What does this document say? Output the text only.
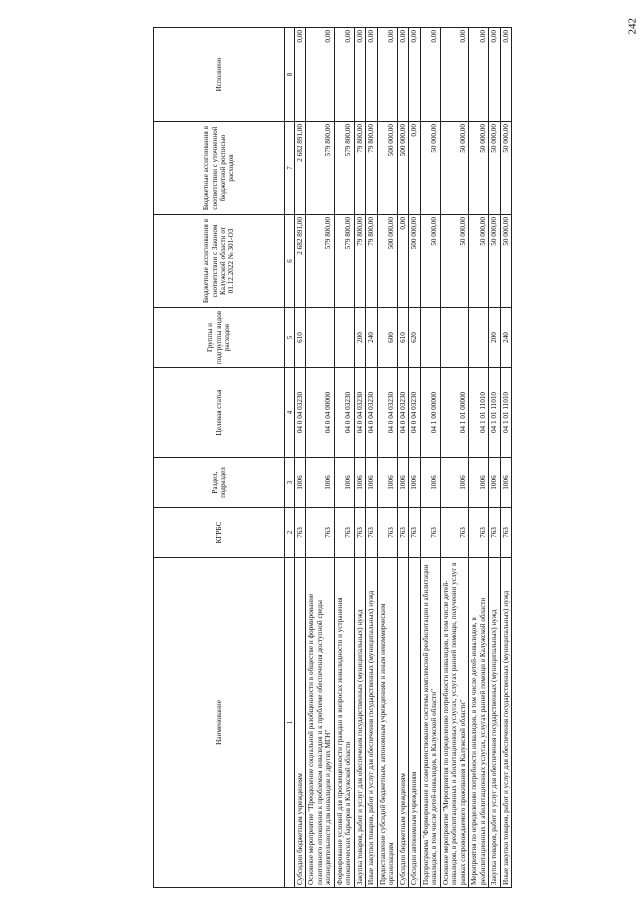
242
Наименование	КГРБС	Раздел, подраздел	Целевая статья	Группы и подгруппы видов расходов	Бюджетные ассигнования в соответствии с Законом Калужской области от 01.12.2022 № 301-ОЗ	Бюджетные ассигнования в соответствии с уточненной бюджетной росписью расходов	Исполнено
1	2	3	4	5	6	7	8
Субсидии бюджетным учреждениям	763	1006	04 0 04 03230	610	2 682 891,00	2 682 891,00	0,00
Основное мероприятие "Преодоление социальной разобщенности в обществе и формирование позитивного отношения к проблемам инвалидов и к проблеме обеспечения доступной среды жизнедеятельности для инвалидов и других МГН"	763	1006	04 0 04 00000		579 800,00	579 800,00	0,00
Формирование условий для просвещенности граждан в вопросах инвалидности и устранения отношенческих барьеров в Калужской области	763	1006	04 0 04 03230		579 800,00	579 800,00	0,00
Закупка товаров, работ и услуг для обеспечения государственных (муниципальных) нужд	763	1006	04 0 04 03230	200	79 800,00	79 800,00	0,00
Иные закупки товаров, работ и услуг для обеспечения государственных (муниципальных) нужд	763	1006	04 0 04 03230	240	79 800,00	79 800,00	0,00
Предоставление субсидий бюджетным, автономным учреждениям и иным некоммерческим организациям	763	1006	04 0 04 03230	600	500 000,00	500 000,00	0,00
Субсидии бюджетным учреждениям	763	1006	04 0 04 03230	610	0,00	500 000,00	0,00
Субсидии автономным учреждениям	763	1006	04 0 04 03230	620	500 000,00	0,00	0,00
Подпрограмма "Формирование и совершенствование системы комплексной реабилитации и абилитации инвалидов, в том числе детей-инвалидов, в Калужской области"	763	1006	04 1 00 00000		50 000,00	50 000,00	0,00
Основное мероприятие "Мероприятия по определению потребности инвалидов, в том числе детей-инвалидов, в реабилитационных и абилитационных услугах, услугах ранней помощи, получении услуг в рамках сопровождаемого проживания в Калужской области"	763	1006	04 1 01 00000		50 000,00	50 000,00	0,00
Мероприятия по определению потребности инвалидов, в том числе детей-инвалидов, в реабилитационных и абилитационных услугах, услугах ранней помощи в Калужской области	763	1006	04 1 01 11010		50 000,00	50 000,00	0,00
Закупка товаров, работ и услуг для обеспечения государственных (муниципальных) нужд	763	1006	04 1 01 11010	200	50 000,00	50 000,00	0,00
Иные закупки товаров, работ и услуг для обеспечения государственных (муниципальных) нужд	763	1006	04 1 01 11010	240	50 000,00	50 000,00	0,00
